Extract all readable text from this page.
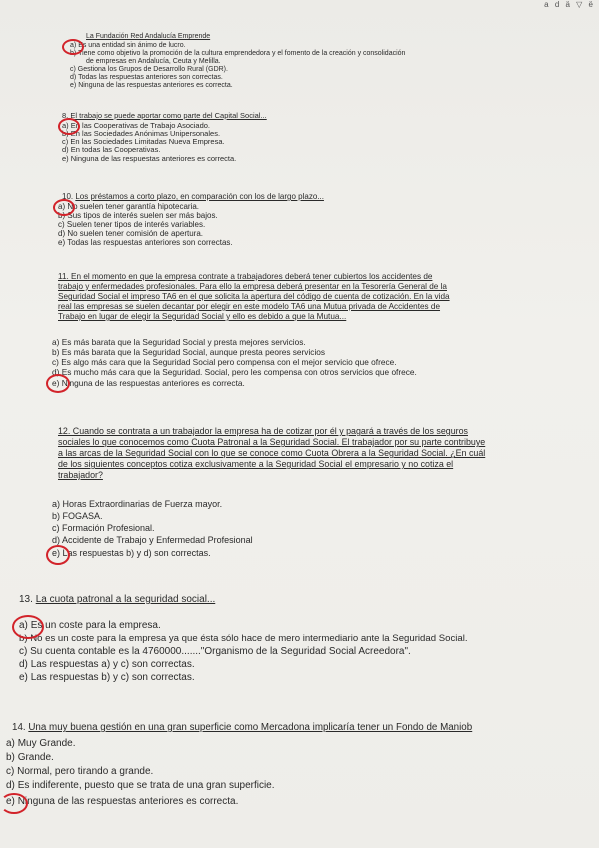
a d ä ▽ ë
La Fundación Red Andalucía Emprende
a) Es una entidad sin ánimo de lucro.
b) Tiene como objetivo la promoción de la cultura emprendedora y el fomento de la creación y consolidación
de empresas en Andalucía, Ceuta y Melilla.
c) Gestiona los Grupos de Desarrollo Rural (GDR).
d) Todas las respuestas anteriores son correctas.
e) Ninguna de las respuestas anteriores es correcta.
8. El trabajo se puede aportar como parte del Capital Social...
a) En las Cooperativas de Trabajo Asociado.
b) En las Sociedades Anónimas Unipersonales.
c) En las Sociedades Limitadas Nueva Empresa.
d) En todas las Cooperativas.
e) Ninguna de las respuestas anteriores es correcta.
10. Los préstamos a corto plazo, en comparación con los de largo plazo...
a) No suelen tener garantía hipotecaria.
b) Sus tipos de interés suelen ser más bajos.
c) Suelen tener tipos de interés variables.
d) No suelen tener comisión de apertura.
e) Todas las respuestas anteriores son correctas.
11. En el momento en que la empresa contrate a trabajadores deberá tener cubiertos los accidentes de
trabajo y enfermedades profesionales. Para ello la empresa deberá presentar en la Tesorería General de la
Seguridad Social el impreso TA6 en el que solicita la apertura del código de cuenta de cotización. En la vida
real las empresas se suelen decantar por elegir en este modelo TA6 una Mutua privada de Accidentes de
Trabajo en lugar de elegir la Seguridad Social y ello es debido a que la Mutua...
a) Es más barata que la Seguridad Social y presta mejores servicios.
b) Es más barata que la Seguridad Social, aunque presta peores servicios
c) Es algo más cara que la Seguridad Social pero compensa con el mejor servicio que ofrece.
d) Es mucho más cara que la Seguridad. Social, pero les compensa con otros servicios que ofrece.
e) Ninguna de las respuestas anteriores es correcta.
12. Cuando se contrata a un trabajador la empresa ha de cotizar por él y pagará a través de los seguros
sociales lo que conocemos como Cuota Patronal a la Seguridad Social. El trabajador por su parte contribuye
a las arcas de la Seguridad Social con lo que se conoce como Cuota Obrera a la Seguridad Social. ¿En cuál
de los siguientes conceptos cotiza exclusivamente a la Seguridad Social el empresario y no cotiza el
trabajador?
a) Horas Extraordinarias de Fuerza mayor.
b) FOGASA.
c) Formación Profesional.
d) Accidente de Trabajo y Enfermedad Profesional
e) Las respuestas b) y d) son correctas.
13. La cuota patronal a la seguridad social...
a) Es un coste para la empresa.
b) No es un coste para la empresa ya que ésta sólo hace de mero intermediario ante la Seguridad Social.
c) Su cuenta contable es la 4760000......."Organismo de la Seguridad Social Acreedora".
d) Las respuestas a) y c) son correctas.
e) Las respuestas b) y c) son correctas.
14. Una muy buena gestión en una gran superficie como Mercadona implicaría tener un Fondo de Maniob
a) Muy Grande.
b) Grande.
c) Normal, pero tirando a grande.
d) Es indiferente, puesto que se trata de una gran superficie.
e) Ninguna de las respuestas anteriores es correcta.
